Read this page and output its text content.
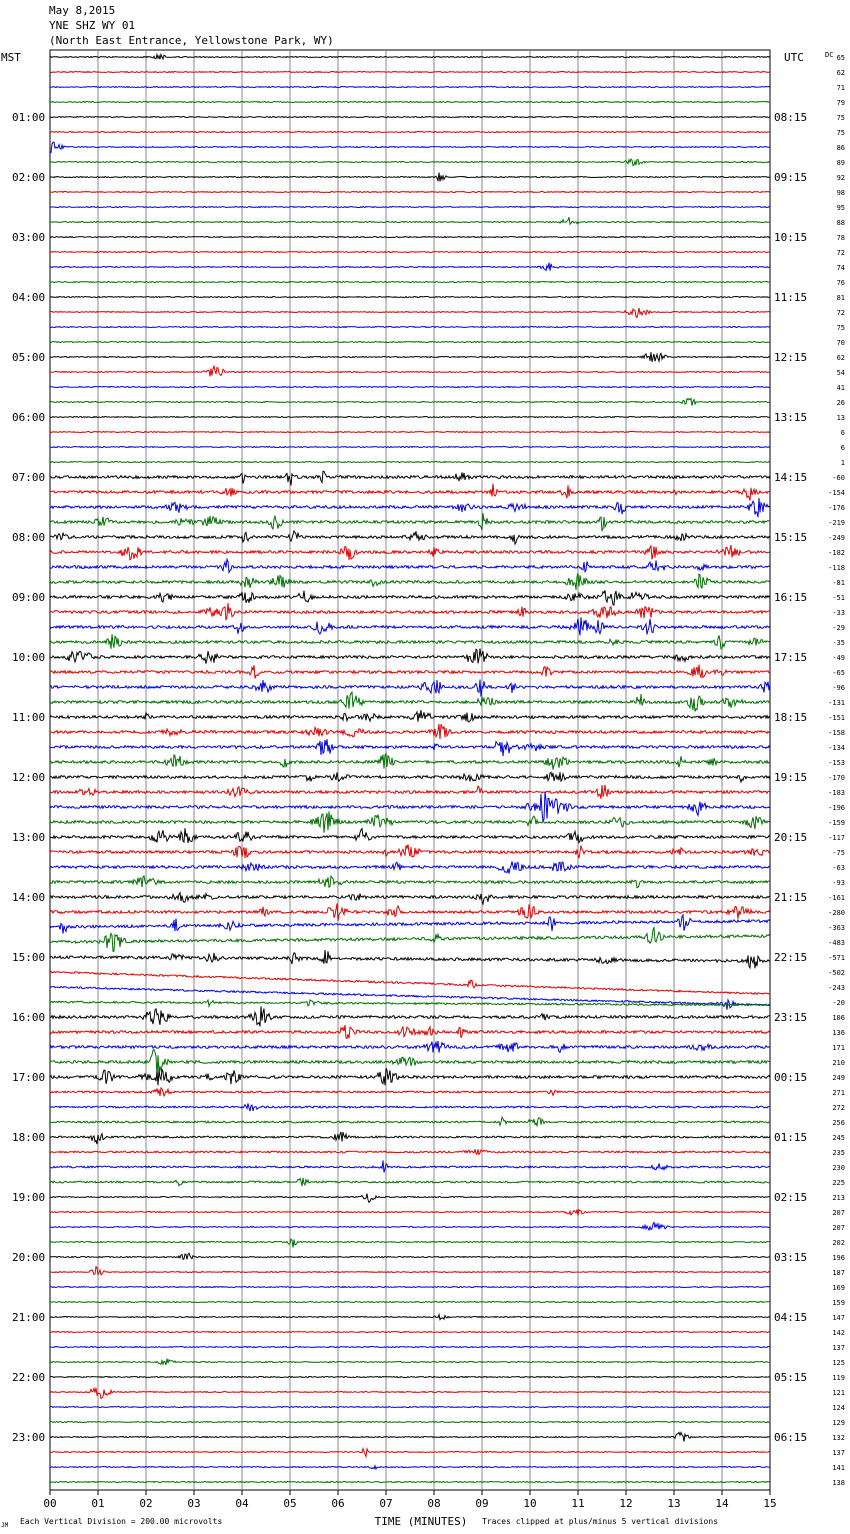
May 8,2015
YNE SHZ WY 01
(North East Entrance, Yellowstone Park, WY)
MST	UTC	DC
01:00
02:00
03:00
04:00
05:00
06:00
07:00
08:00
09:00
10:00
11:00
12:00
13:00
14:00
15:00
16:00
17:00
18:00
19:00
20:00
21:00
22:00
23:00
08:15
09:15
10:15
11:15
12:15
13:15
14:15
15:15
16:15
17:15
18:15
19:15
20:15
21:15
22:15
23:15
00:15
01:15
02:15
03:15
04:15
05:15
06:15
65
62
71
79
75
75
86
89
92
98
95
88
78
72
74
76
81
72
75
70
62
54
41
26
13
6
6
1
-60
-154
-176
-219
-249
-182
-118
-81
-51
-33
-29
-35
-49
-65
-96
-131
-151
-158
-134
-153
-170
-183
-196
-159
-117
-75
-63
-93
-161
-280
-363
-483
-571
-502
-243
-20
106
136
171
210
249
271
272
256
245
235
230
225
213
207
207
202
196
187
169
159
147
142
137
125
119
121
124
129
132
137
141
138
00	01	02	03	04	05	06	07	08	09	10	11	12	13	14	15
TIME (MINUTES)
Each Vertical Division = 200.00 microvolts	Traces clipped at plus/minus 5 vertical divisions
JM
